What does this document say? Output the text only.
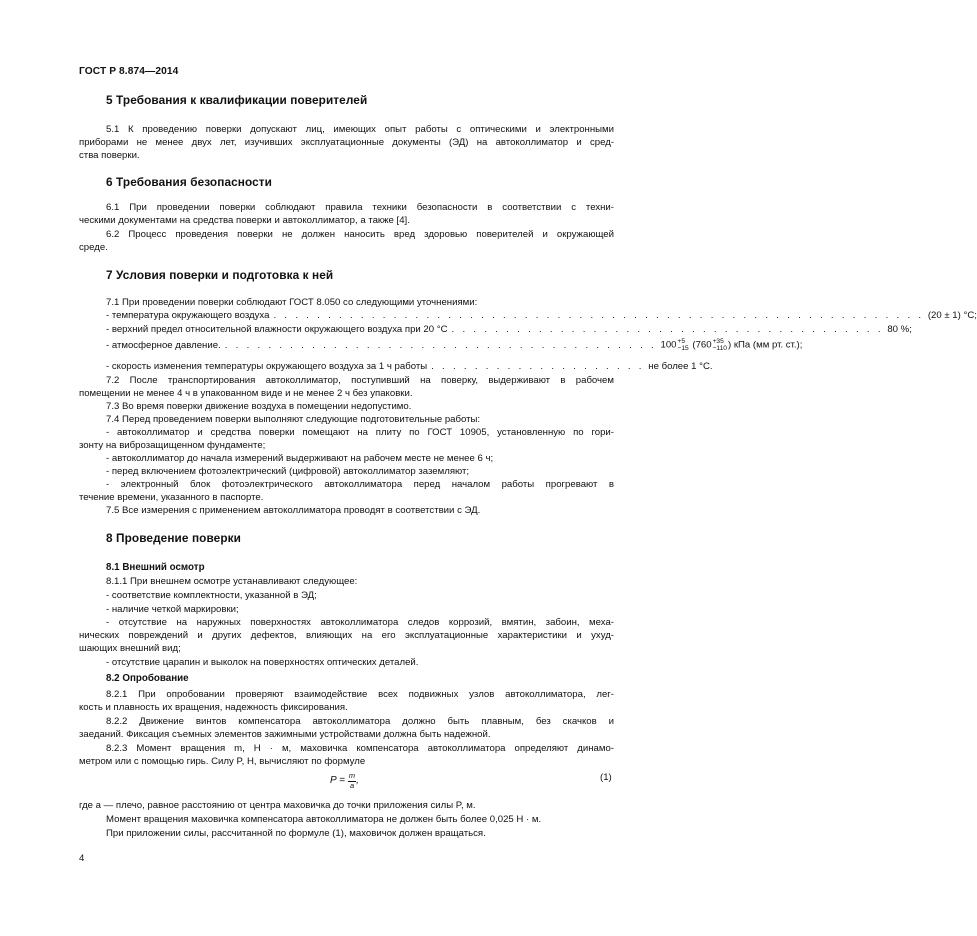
ГОСТ Р 8.874—2014
5 Требования к квалификации поверителей
5.1 К проведению поверки допускают лиц, имеющих опыт работы с оптическими и электронными
приборами не менее двух лет, изучивших эксплуатационные документы (ЭД) на автоколлиматор и сред-
ства поверки.
6 Требования безопасности
6.1 При проведении поверки соблюдают правила техники безопасности в соответствии с техни-
ческими документами на средства поверки и автоколлиматор, а также [4].
6.2 Процесс проведения поверки не должен наносить вред здоровью поверителей и окружающей
среде.
7 Условия поверки и подготовка к ней
7.1 При проведении поверки соблюдают ГОСТ 8.050 со следующими уточнениями:
- температура окружающего воздуха . . . . . . . . . . . . . . . . . . . . . . . . . . . . . . . . . . . . . . . . . . . . . . . . . . . . . . . . . . . . (20 ± 1) °С;
- верхний предел относительной влажности окружающего воздуха при 20 °С . . . . . . . . . . . . . . . . . . . . . . . . . . . . . . . . . . . . . . . . 80 %;
- атмосферное давление. . . . . . . . . . . . . . . . . . . . . . . . . . . . . . . . . . . . . . . . . 100 +5
−15 (760 +35
−110 ) кПа (мм рт. ст.);
- скорость изменения температуры окружающего воздуха за 1 ч работы . . . . . . . . . . . . . . . . . . . . не более 1 °С.
7.2 После транспортирования автоколлиматор, поступивший на поверку, выдерживают в рабочем
помещении не менее 4 ч в упакованном виде и не менее 2 ч без упаковки.
7.3 Во время поверки движение воздуха в помещении недопустимо.
7.4 Перед проведением поверки выполняют следующие подготовительные работы:
- автоколлиматор и средства поверки помещают на плиту по ГОСТ 10905, установленную по гори-
зонту на виброзащищенном фундаменте;
- автоколлиматор до начала измерений выдерживают на рабочем месте не менее 6 ч;
- перед включением фотоэлектрический (цифровой) автоколлиматор заземляют;
- электронный блок фотоэлектрического автоколлиматора перед началом работы прогревают в
течение времени, указанного в паспорте.
7.5 Все измерения с применением автоколлиматора проводят в соответствии с ЭД.
8 Проведение поверки
8.1 Внешний осмотр
8.1.1 При внешнем осмотре устанавливают следующее:
- соответствие комплектности, указанной в ЭД;
- наличие четкой маркировки;
- отсутствие на наружных поверхностях автоколлиматора следов коррозий, вмятин, забоин, меха-
нических повреждений и других дефектов, влияющих на его эксплуатационные характеристики и ухуд-
шающих внешний вид;
- отсутствие царапин и выколок на поверхностях оптических деталей.
8.2 Опробование
8.2.1 При опробовании проверяют взаимодействие всех подвижных узлов автоколлиматора, лег-
кость и плавность их вращения, надежность фиксирования.
8.2.2 Движение винтов компенсатора автоколлиматора должно быть плавным, без скачков и
заеданий. Фиксация съемных элементов зажимными устройствами должна быть надежной.
8.2.3 Момент вращения m, Н · м, маховичка компенсатора автоколлиматора определяют динамо-
метром или с помощью гирь. Силу P, Н, вычисляют по формуле
$P = \frac{m}{a}$ ,	(1)
где a — плечо, равное расстоянию от центра маховичка до точки приложения силы P, м.
Момент вращения маховичка компенсатора автоколлиматора не должен быть более 0,025 Н · м.
При приложении силы, рассчитанной по формуле (1), маховичок должен вращаться.
4
